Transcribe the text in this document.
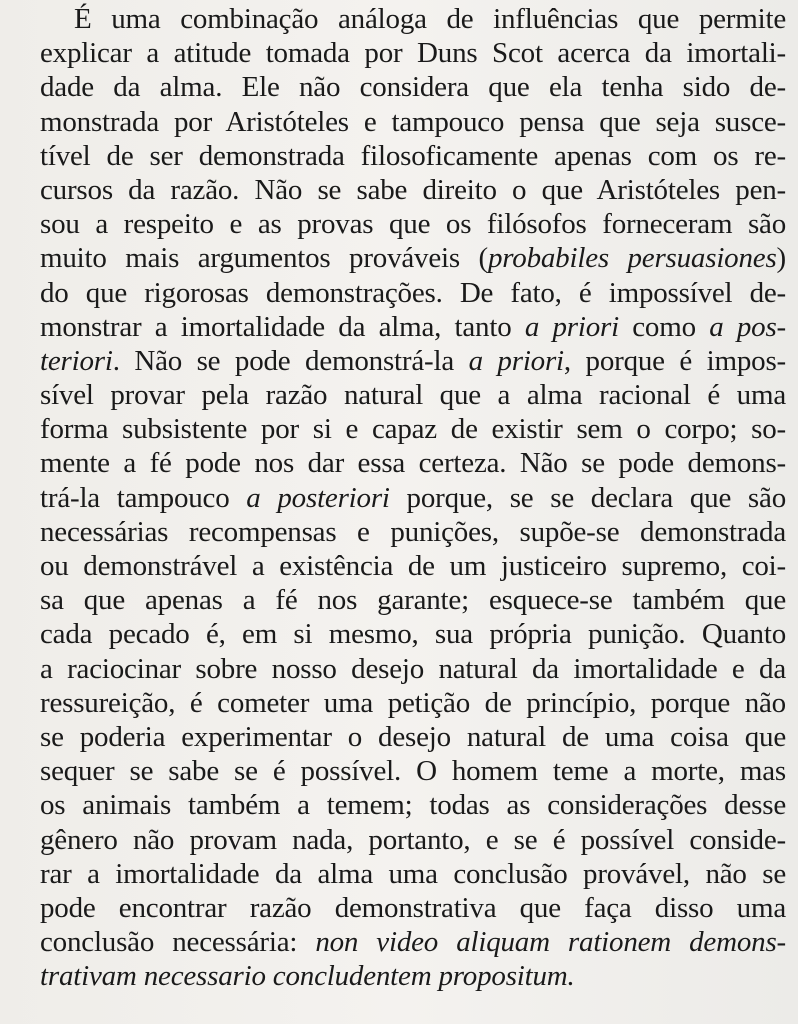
É uma combinação análoga de influências que permite
explicar a atitude tomada por Duns Scot acerca da imortali-
dade da alma. Ele não considera que ela tenha sido de-
monstrada por Aristóteles e tampouco pensa que seja susce-
tível de ser demonstrada filosoficamente apenas com os re-
cursos da razão. Não se sabe direito o que Aristóteles pen-
sou a respeito e as provas que os filósofos forneceram são
muito mais argumentos prováveis (probabiles persuasiones)
do que rigorosas demonstrações. De fato, é impossível de-
monstrar a imortalidade da alma, tanto a priori como a pos-
teriori. Não se pode demonstrá-la a priori, porque é impos-
sível provar pela razão natural que a alma racional é uma
forma subsistente por si e capaz de existir sem o corpo; so-
mente a fé pode nos dar essa certeza. Não se pode demons-
trá-la tampouco a posteriori porque, se se declara que são
necessárias recompensas e punições, supõe-se demonstrada
ou demonstrável a existência de um justiceiro supremo, coi-
sa que apenas a fé nos garante; esquece-se também que
cada pecado é, em si mesmo, sua própria punição. Quanto
a raciocinar sobre nosso desejo natural da imortalidade e da
ressureição, é cometer uma petição de princípio, porque não
se poderia experimentar o desejo natural de uma coisa que
sequer se sabe se é possível. O homem teme a morte, mas
os animais também a temem; todas as considerações desse
gênero não provam nada, portanto, e se é possível conside-
rar a imortalidade da alma uma conclusão provável, não se
pode encontrar razão demonstrativa que faça disso uma
conclusão necessária: non video aliquam rationem demons-
trativam necessario concludentem propositum.
